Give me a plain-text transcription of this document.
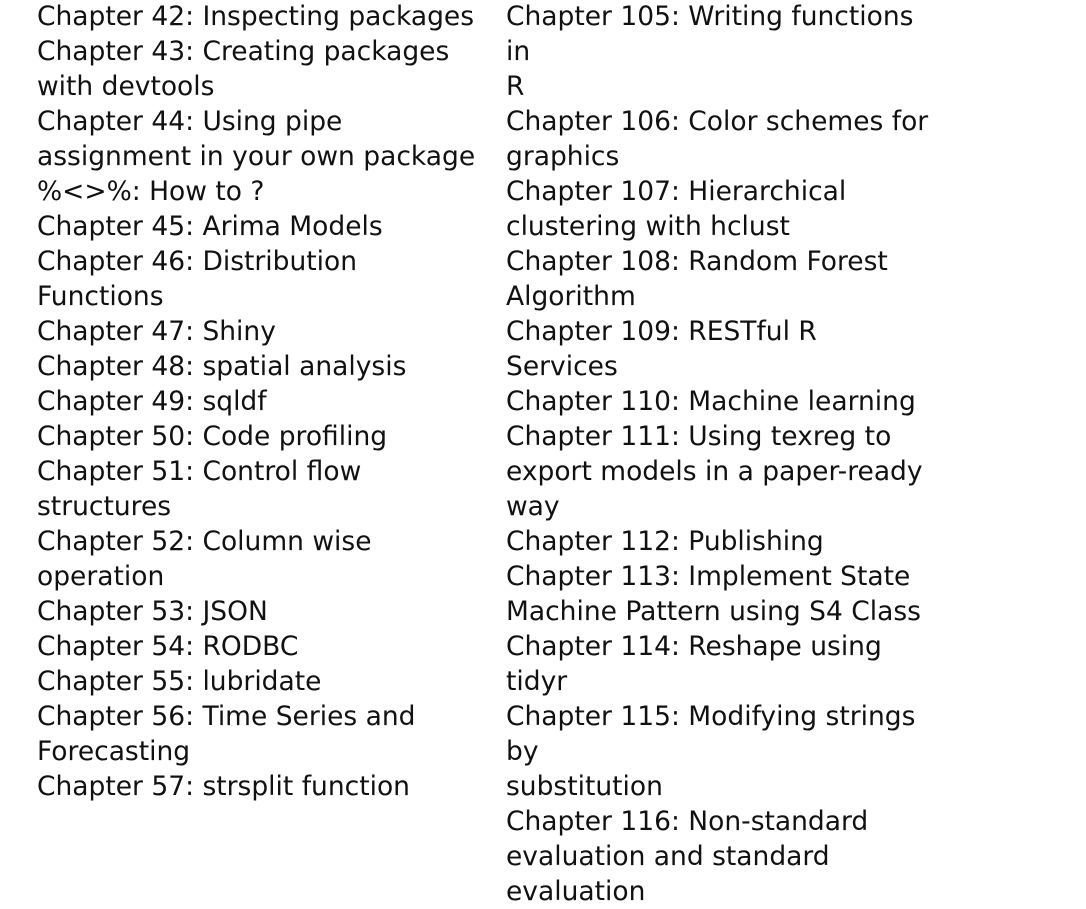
Chapter 42: Inspecting packages
Chapter 43: Creating packages
with devtools
Chapter 44: Using pipe
assignment in your own package
%<>%: How to ?
Chapter 45: Arima Models
Chapter 46: Distribution Functions
Chapter 47: Shiny
Chapter 48: spatial analysis
Chapter 49: sqldf
Chapter 50: Code profiling
Chapter 51: Control flow
structures
Chapter 52: Column wise
operation
Chapter 53: JSON
Chapter 54: RODBC
Chapter 55: lubridate
Chapter 56: Time Series and
Forecasting
Chapter 57: strsplit function
Chapter 105: Writing functions in
R
Chapter 106: Color schemes for
graphics
Chapter 107: Hierarchical
clustering with hclust
Chapter 108: Random Forest
Algorithm
Chapter 109: RESTful R Services
Chapter 110: Machine learning
Chapter 111: Using texreg to
export models in a paper-ready
way
Chapter 112: Publishing
Chapter 113: Implement State
Machine Pattern using S4 Class
Chapter 114: Reshape using tidyr
Chapter 115: Modifying strings by
substitution
Chapter 116: Non-standard
evaluation and standard
evaluation
